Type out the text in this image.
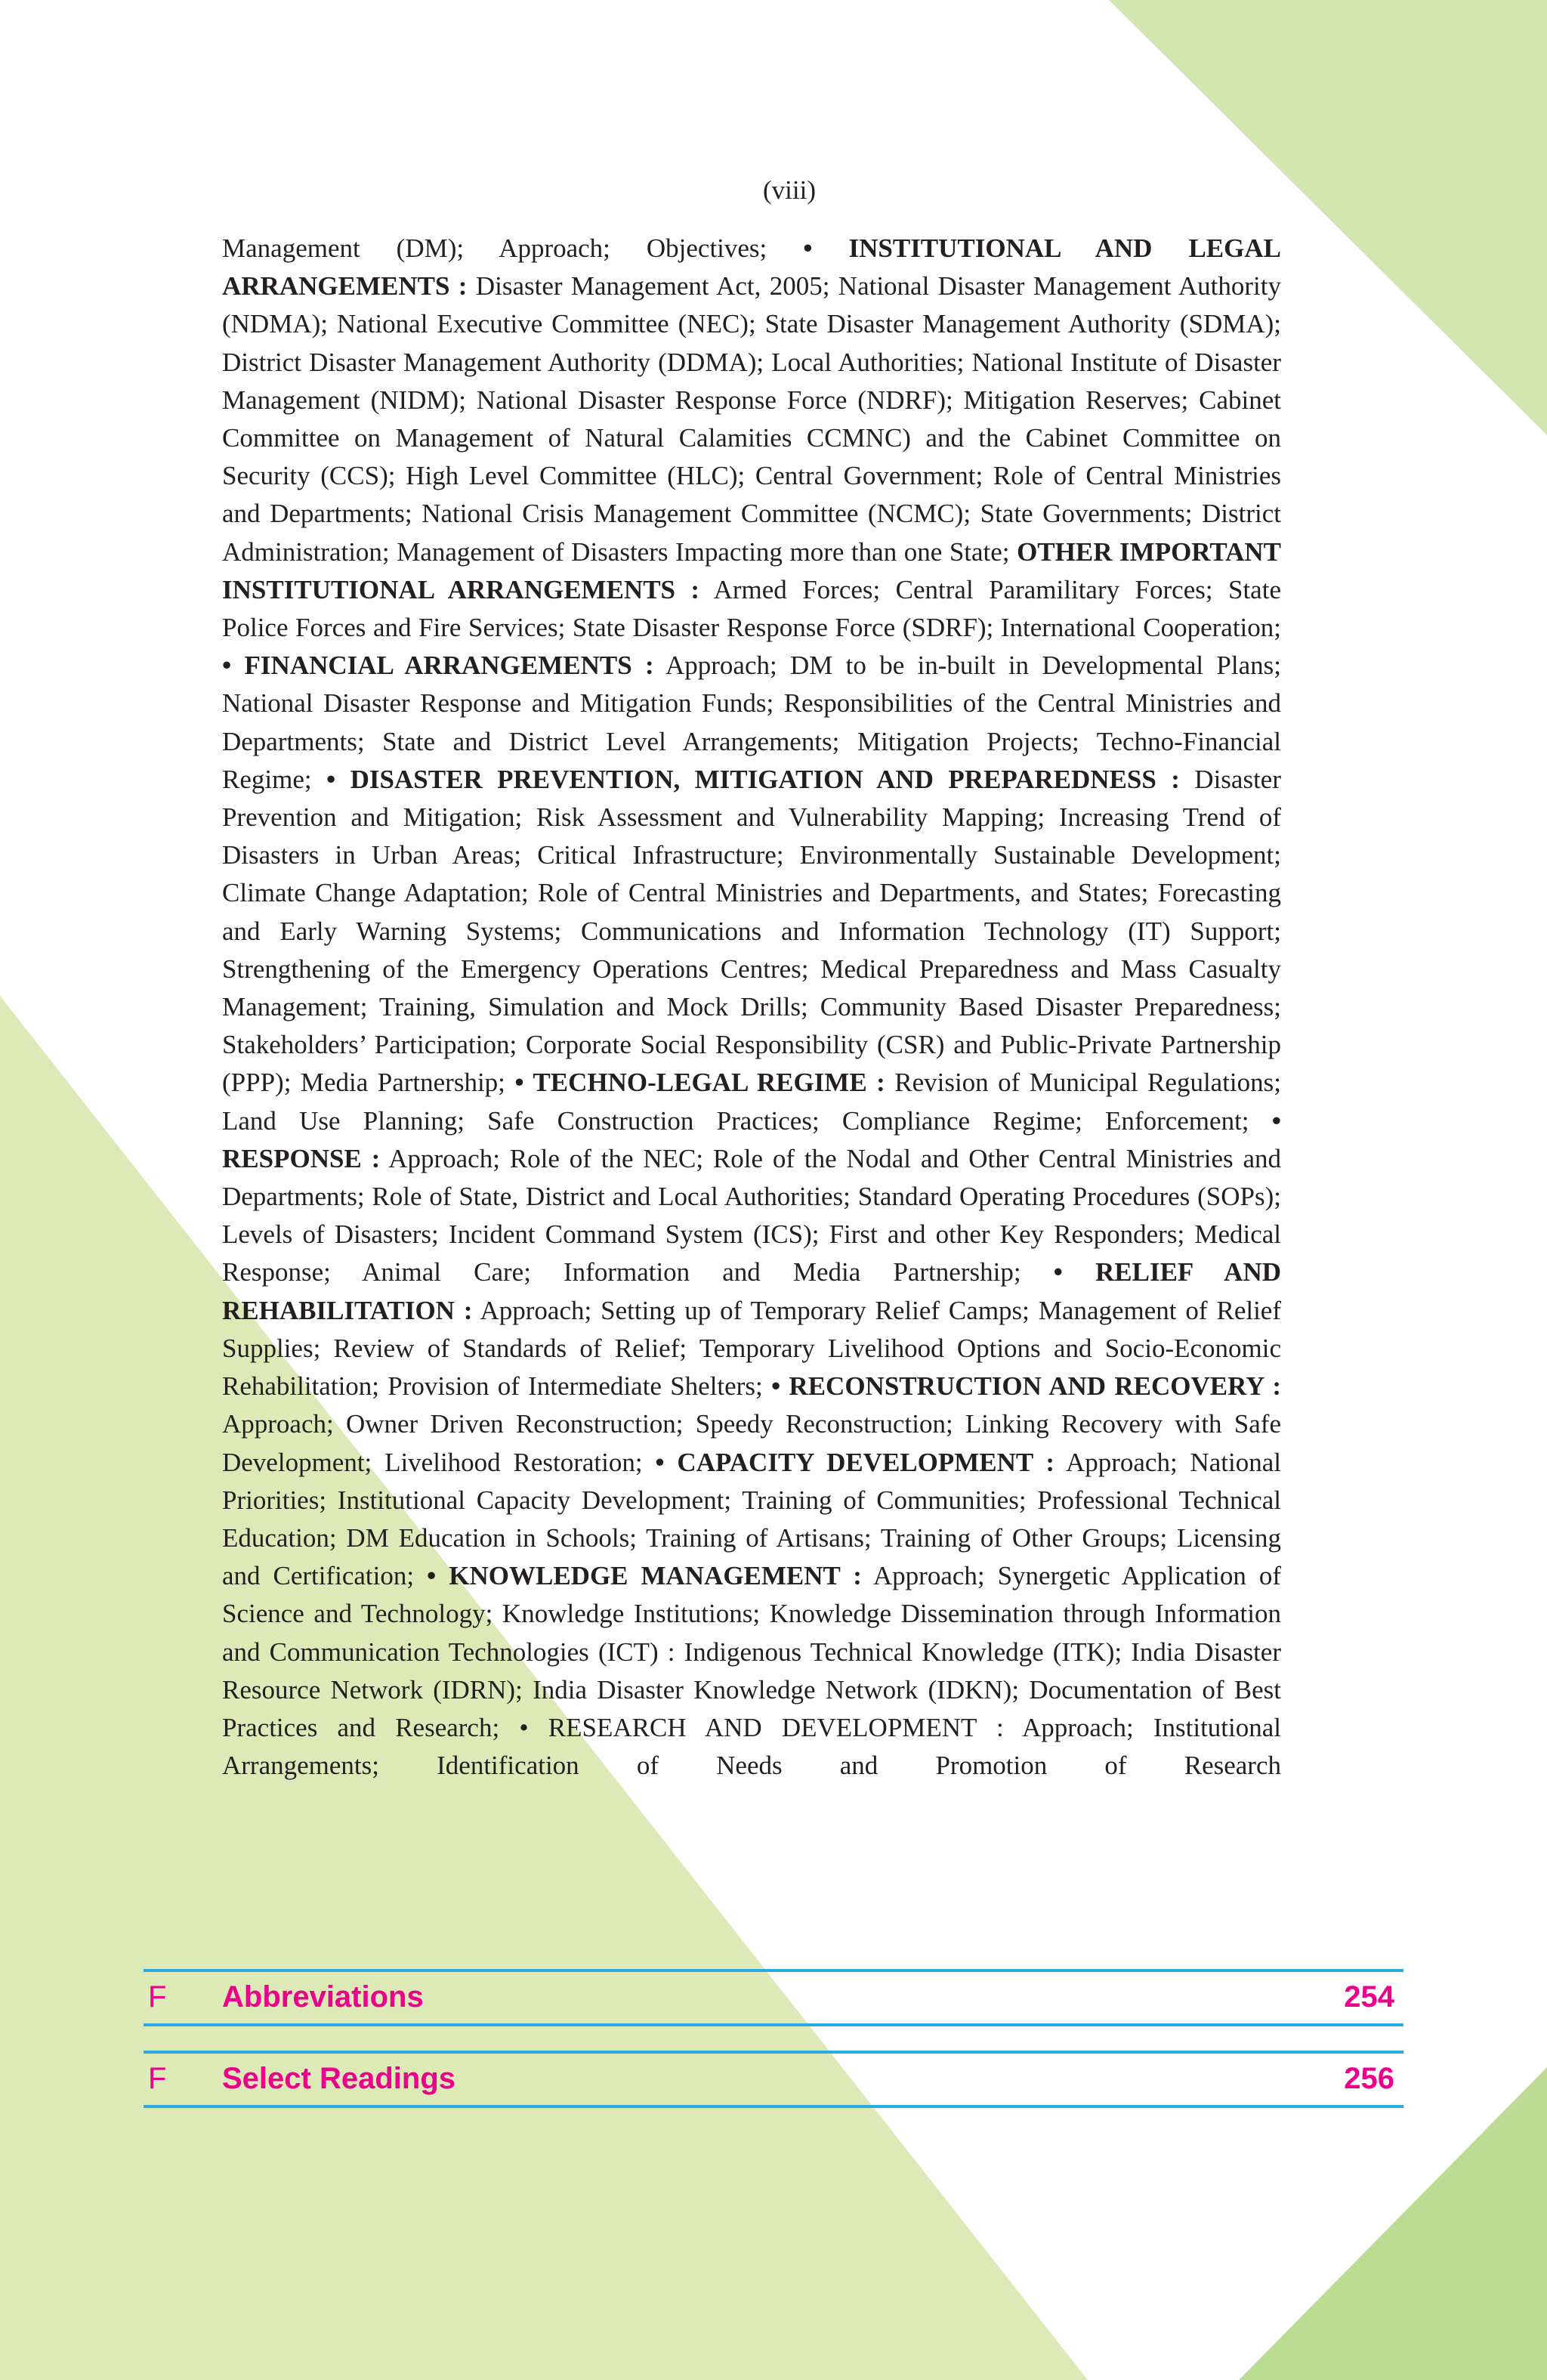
(viii)

Management (DM); Approach; Objectives; • INSTITUTIONAL AND LEGAL ARRANGEMENTS : Disaster Management Act, 2005; National Disaster Management Authority (NDMA); National Executive Committee (NEC); State Disaster Management Authority (SDMA); District Disaster Management Authority (DDMA); Local Authorities; National Institute of Disaster Management (NIDM); National Disaster Response Force (NDRF); Mitigation Reserves; Cabinet Committee on Management of Natural Calamities CCMNC) and the Cabinet Committee on Security (CCS); High Level Committee (HLC); Central Government; Role of Central Ministries and Departments; National Crisis Management Committee (NCMC); State Governments; District Administration; Management of Disasters Impacting more than one State; OTHER IMPORTANT INSTITUTIONAL ARRANGEMENTS : Armed Forces; Central Paramilitary Forces; State Police Forces and Fire Services; State Disaster Response Force (SDRF); International Cooperation; • FINANCIAL ARRANGEMENTS : Approach; DM to be in-built in Developmental Plans; National Disaster Response and Mitigation Funds; Responsibilities of the Central Ministries and Departments; State and District Level Arrangements; Mitigation Projects; Techno-Financial Regime; • DISASTER PREVENTION, MITIGATION AND PREPAREDNESS : Disaster Prevention and Mitigation; Risk Assessment and Vulnerability Mapping; Increasing Trend of Disasters in Urban Areas; Critical Infrastructure; Environmentally Sustainable Development; Climate Change Adaptation; Role of Central Ministries and Departments, and States; Forecasting and Early Warning Systems; Communications and Information Technology (IT) Support; Strengthening of the Emergency Operations Centres; Medical Preparedness and Mass Casualty Management; Training, Simulation and Mock Drills; Community Based Disaster Preparedness; Stakeholders’ Participation; Corporate Social Responsibility (CSR) and Public-Private Partnership (PPP); Media Partnership; • TECHNO-LEGAL REGIME : Revision of Municipal Regulations; Land Use Planning; Safe Construction Practices; Compliance Regime; Enforcement; • RESPONSE : Approach; Role of the NEC; Role of the Nodal and Other Central Ministries and Departments; Role of State, District and Local Authorities; Standard Operating Procedures (SOPs); Levels of Disasters; Incident Command System (ICS); First and other Key Responders; Medical Response; Animal Care; Information and Media Partnership; • RELIEF AND REHABILITATION : Approach; Setting up of Temporary Relief Camps; Management of Relief Supplies; Review of Standards of Relief; Temporary Livelihood Options and Socio-Economic Rehabilitation; Provision of Intermediate Shelters; • RECONSTRUCTION AND RECOVERY : Approach; Owner Driven Reconstruction; Speedy Reconstruction; Linking Recovery with Safe Development; Livelihood Restoration; • CAPACITY DEVELOPMENT : Approach; National Priorities; Institutional Capacity Development; Training of Communities; Professional Technical Education; DM Education in Schools; Training of Artisans; Training of Other Groups; Licensing and Certification; • KNOWLEDGE MANAGEMENT : Approach; Synergetic Application of Science and Technology; Knowledge Institutions; Knowledge Dissemination through Information and Communication Technologies (ICT) : Indigenous Technical Knowledge (ITK); India Disaster Resource Network (IDRN); India Disaster Knowledge Network (IDKN); Documentation of Best Practices and Research; • RESEARCH AND DEVELOPMENT : Approach; Institutional Arrangements; Identification of Needs and Promotion of Research

F Abbreviations	254
F Select Readings	256
